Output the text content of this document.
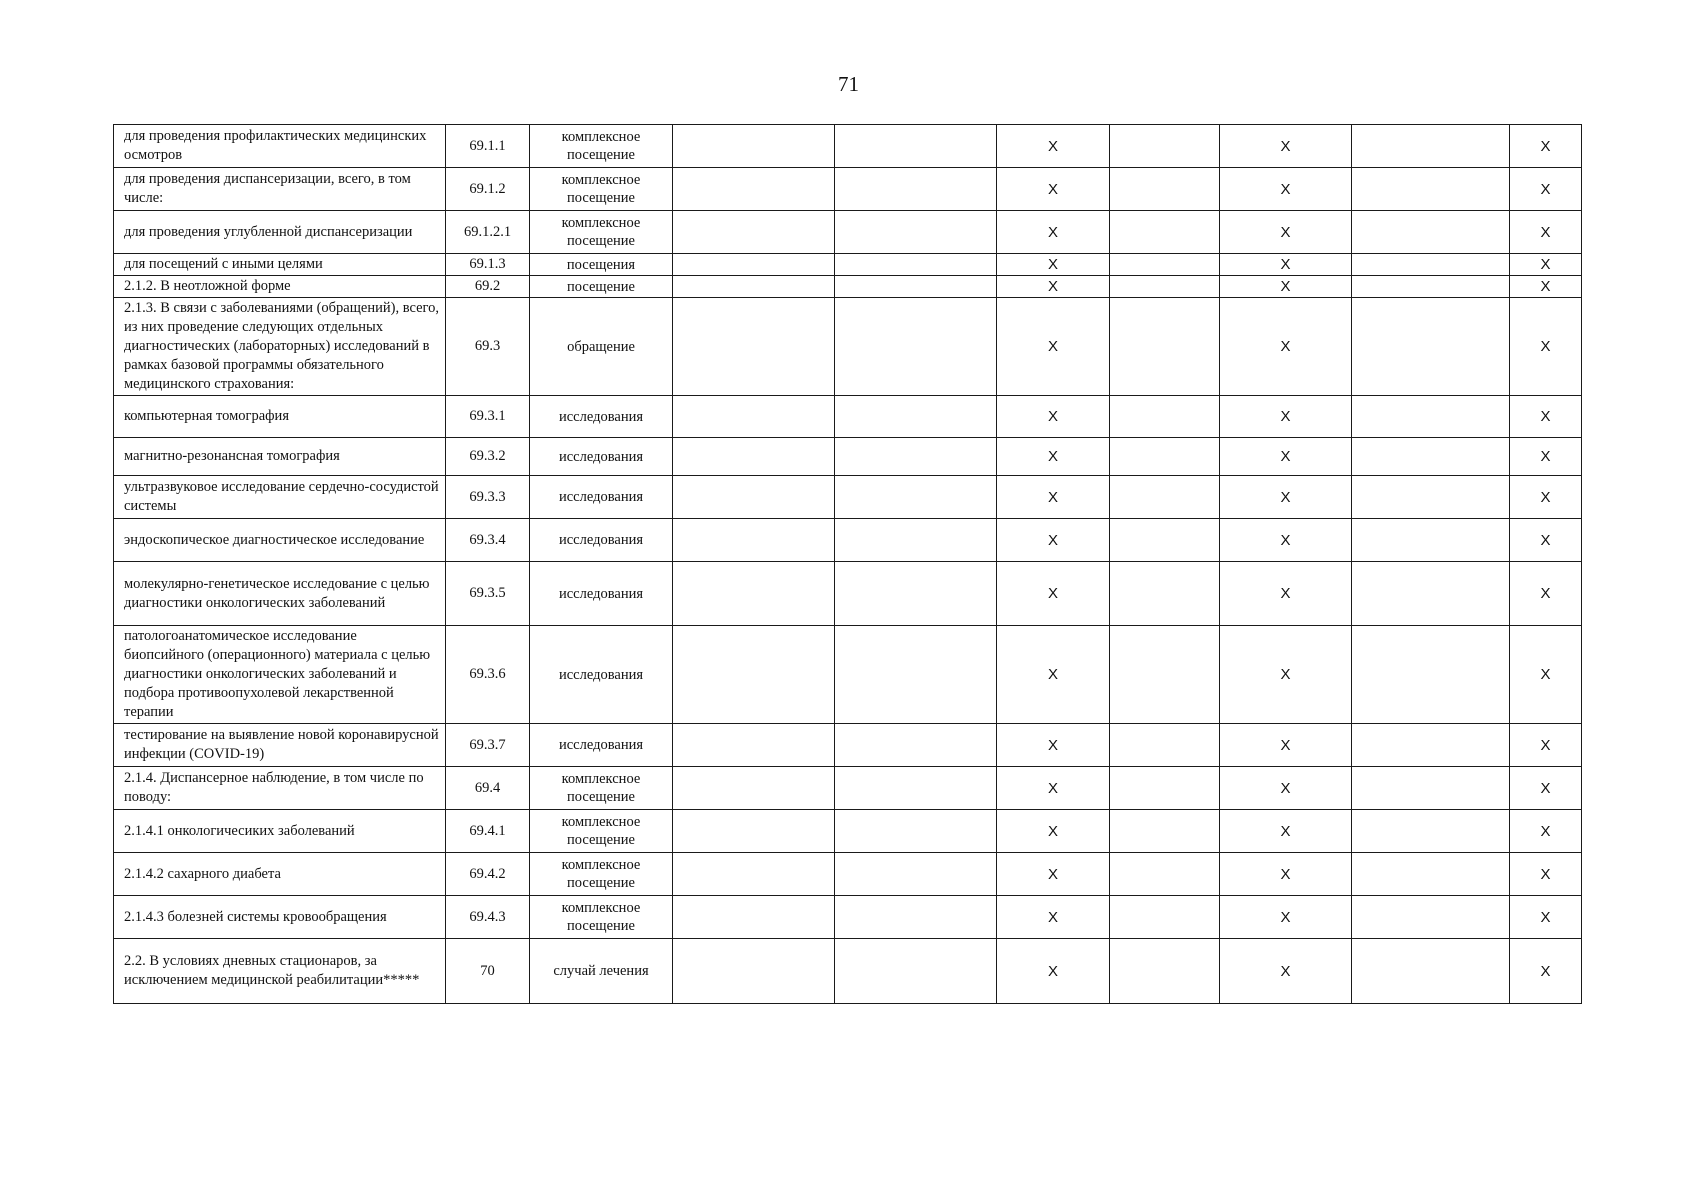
71
для проведения профилактических медицинских осмотров	69.1.1	комплексное посещение			X		X		X
для проведения диспансеризации, всего, в том числе:	69.1.2	комплексное посещение			X		X		X
для проведения углубленной диспансеризации	69.1.2.1	комплексное посещение			X		X		X
для посещений с иными целями	69.1.3	посещения			X		X		X
2.1.2. В неотложной форме	69.2	посещение			X		X		X
2.1.3. В связи с заболеваниями (обращений), всего, из них проведение следующих отдельных диагностических (лабораторных) исследований в рамках базовой программы обязательного медицинского страхования:	69.3	обращение			X		X		X
компьютерная томография	69.3.1	исследования			X		X		X
магнитно-резонансная томография	69.3.2	исследования			X		X		X
ультразвуковое исследование сердечно-сосудистой системы	69.3.3	исследования			X		X		X
эндоскопическое диагностическое исследование	69.3.4	исследования			X		X		X
молекулярно-генетическое исследование с целью диагностики онкологических заболеваний	69.3.5	исследования			X		X		X
патологоанатомическое исследование биопсийного (операционного) материала с целью диагностики онкологических заболеваний и подбора противоопухолевой лекарственной терапии	69.3.6	исследования			X		X		X
тестирование на выявление новой коронавирусной инфекции (COVID-19)	69.3.7	исследования			X		X		X
2.1.4. Диспансерное наблюдение, в том числе по поводу:	69.4	комплексное посещение			X		X		X
2.1.4.1 онкологичесиких заболеваний	69.4.1	комплексное посещение			X		X		X
2.1.4.2 сахарного диабета	69.4.2	комплексное посещение			X		X		X
2.1.4.3 болезней системы кровообращения	69.4.3	комплексное посещение			X		X		X
2.2. В условиях дневных стационаров, за исключением медицинской реабилитации*****	70	случай лечения			X		X		X
